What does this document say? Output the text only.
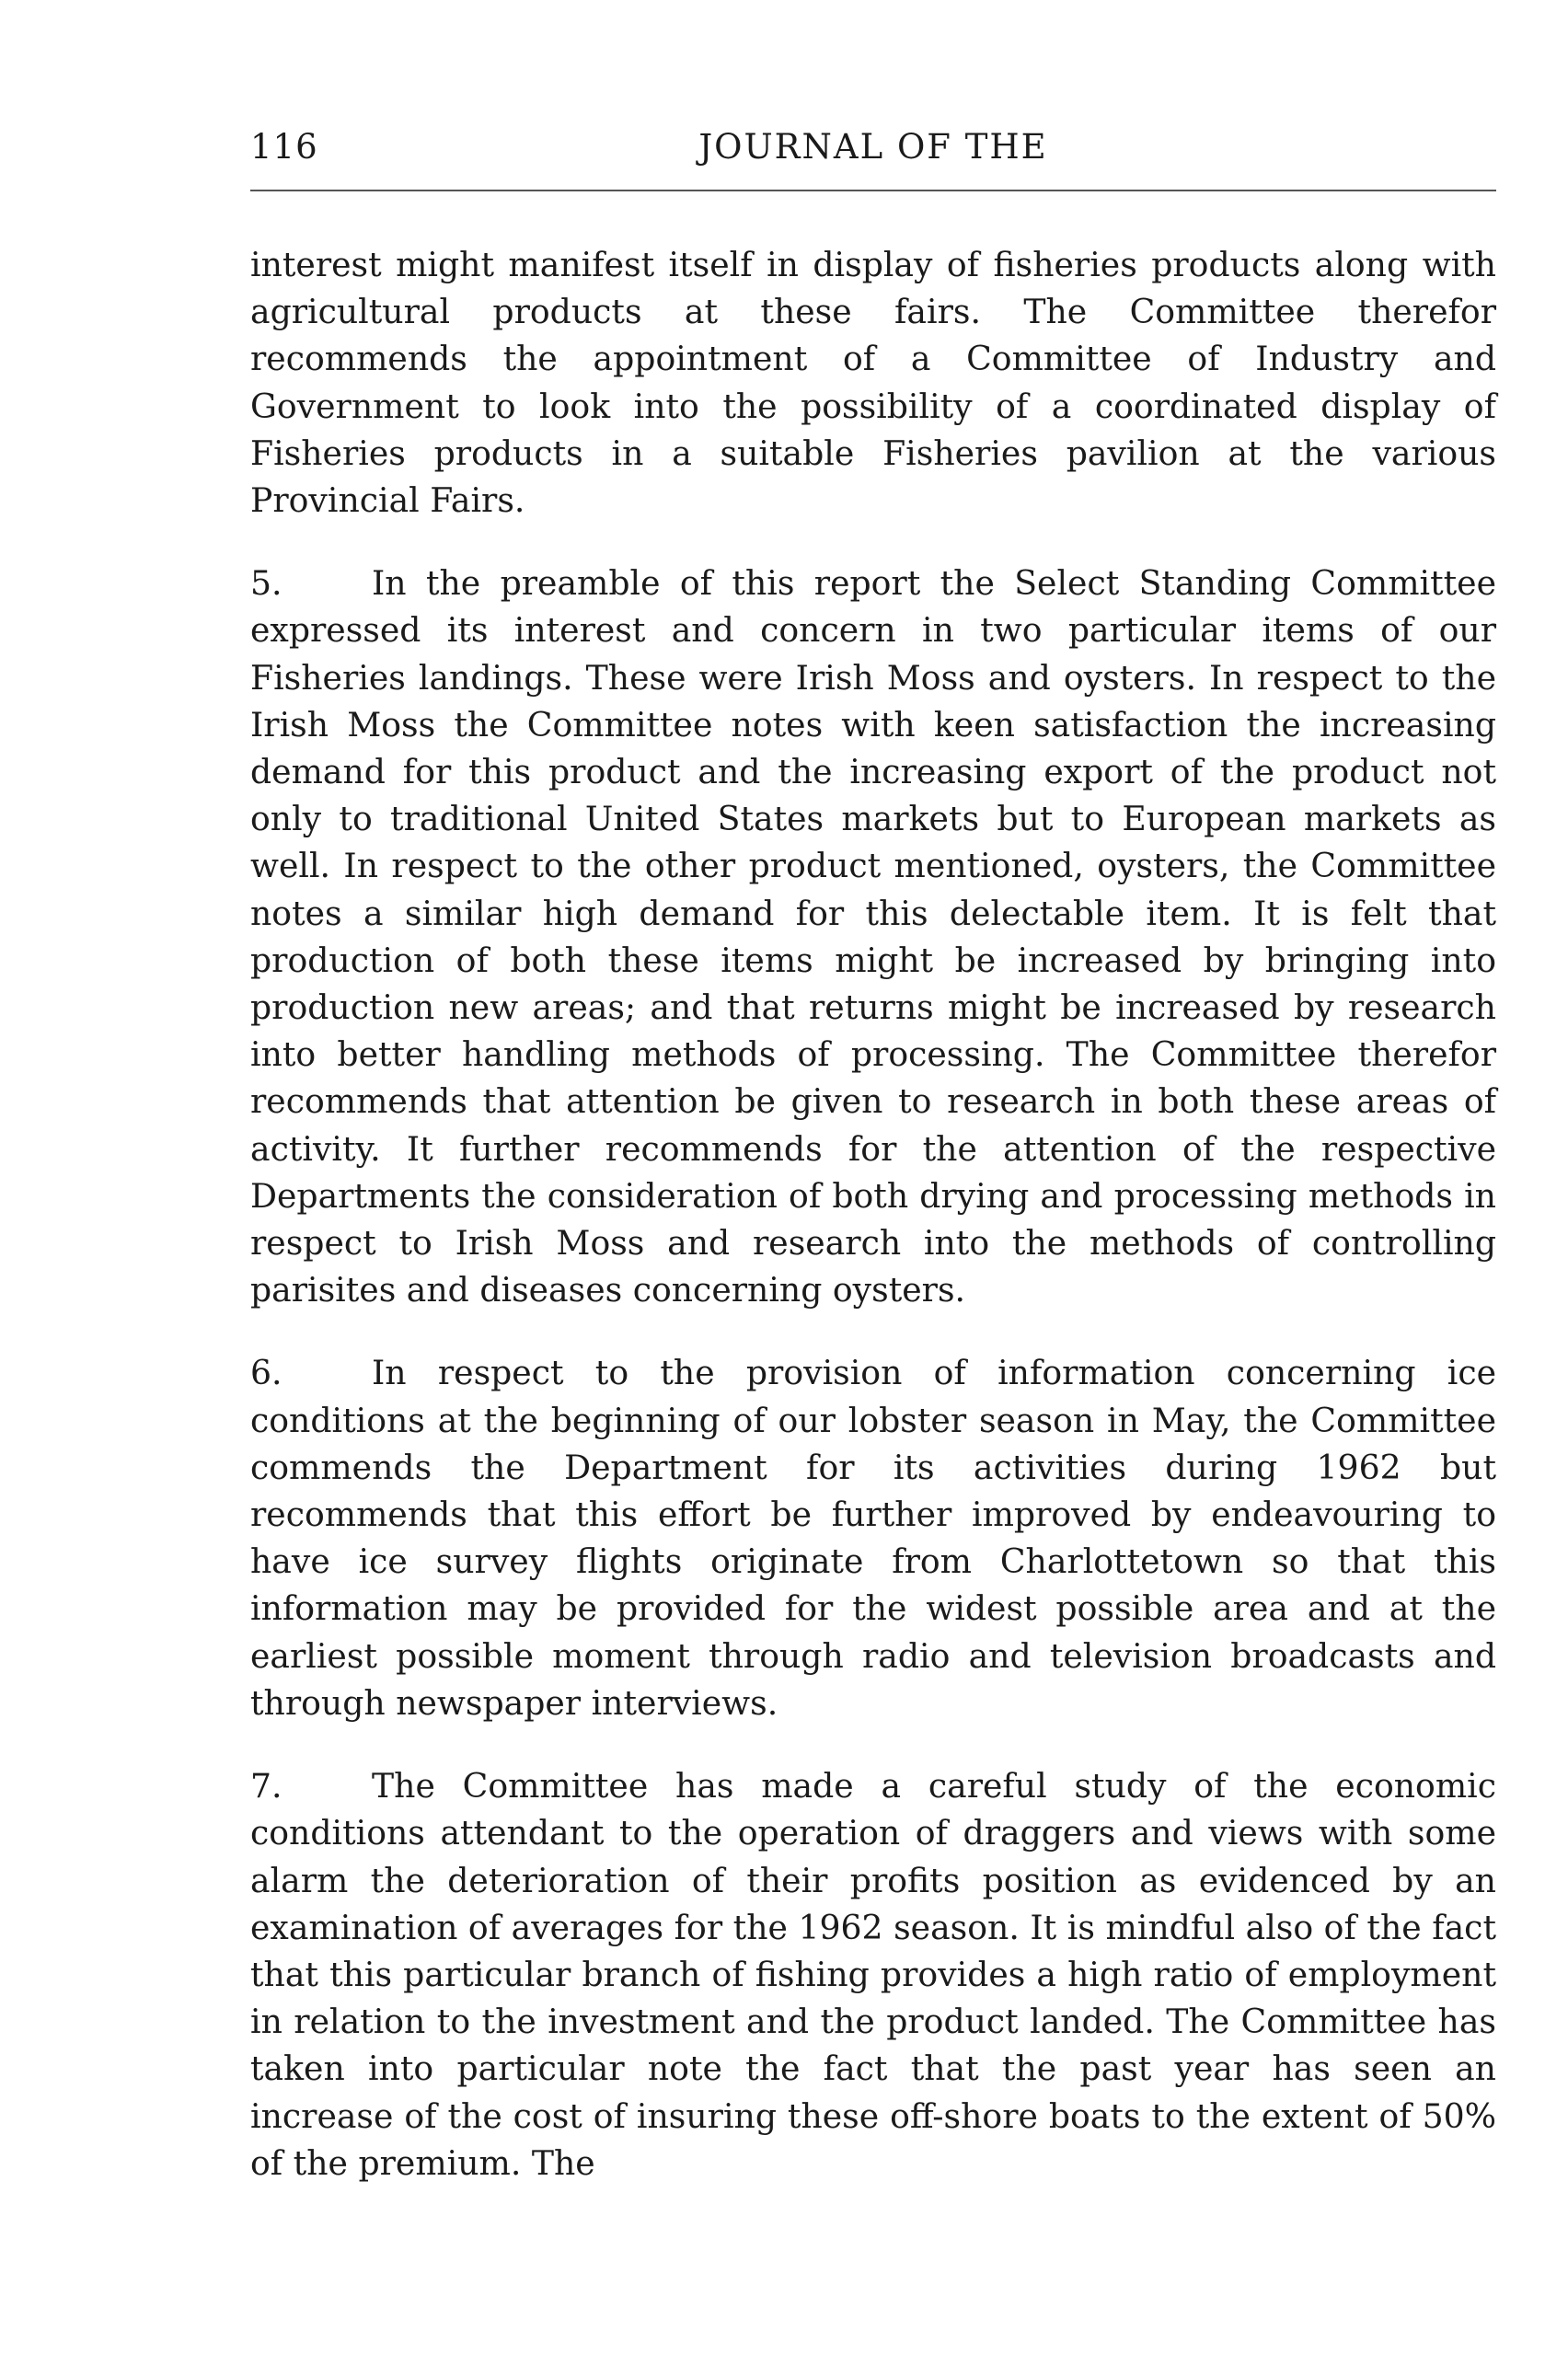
116	JOURNAL OF THE

interest might manifest itself in display of fisheries products along with agricultural products at these fairs. The Committee therefor recommends the appointment of a Committee of Industry and Government to look into the possibility of a coordinated display of Fisheries products in a suitable Fisheries pavilion at the various Provincial Fairs.

5.	In the preamble of this report the Select Standing Committee expressed its interest and concern in two particular items of our Fisheries landings. These were Irish Moss and oysters. In respect to the Irish Moss the Committee notes with keen satisfaction the increasing demand for this product and the increasing export of the product not only to traditional United States markets but to European markets as well. In respect to the other product mentioned, oysters, the Committee notes a similar high demand for this delectable item. It is felt that production of both these items might be increased by bringing into production new areas; and that returns might be increased by research into better handling methods of processing. The Committee therefor recommends that attention be given to research in both these areas of activity. It further recommends for the attention of the respective Departments the consideration of both drying and processing methods in respect to Irish Moss and research into the methods of controlling parisites and diseases concerning oysters.

6.	In respect to the provision of information concerning ice conditions at the beginning of our lobster season in May, the Committee commends the Department for its activities during 1962 but recommends that this effort be further improved by endeavouring to have ice survey flights originate from Charlottetown so that this information may be provided for the widest possible area and at the earliest possible moment through radio and television broadcasts and through newspaper interviews.

7.	The Committee has made a careful study of the economic conditions attendant to the operation of draggers and views with some alarm the deterioration of their profits position as evidenced by an examination of averages for the 1962 season. It is mindful also of the fact that this particular branch of fishing provides a high ratio of employment in relation to the investment and the product landed. The Committee has taken into particular note the fact that the past year has seen an increase of the cost of insuring these off-shore boats to the extent of 50% of the premium. The
